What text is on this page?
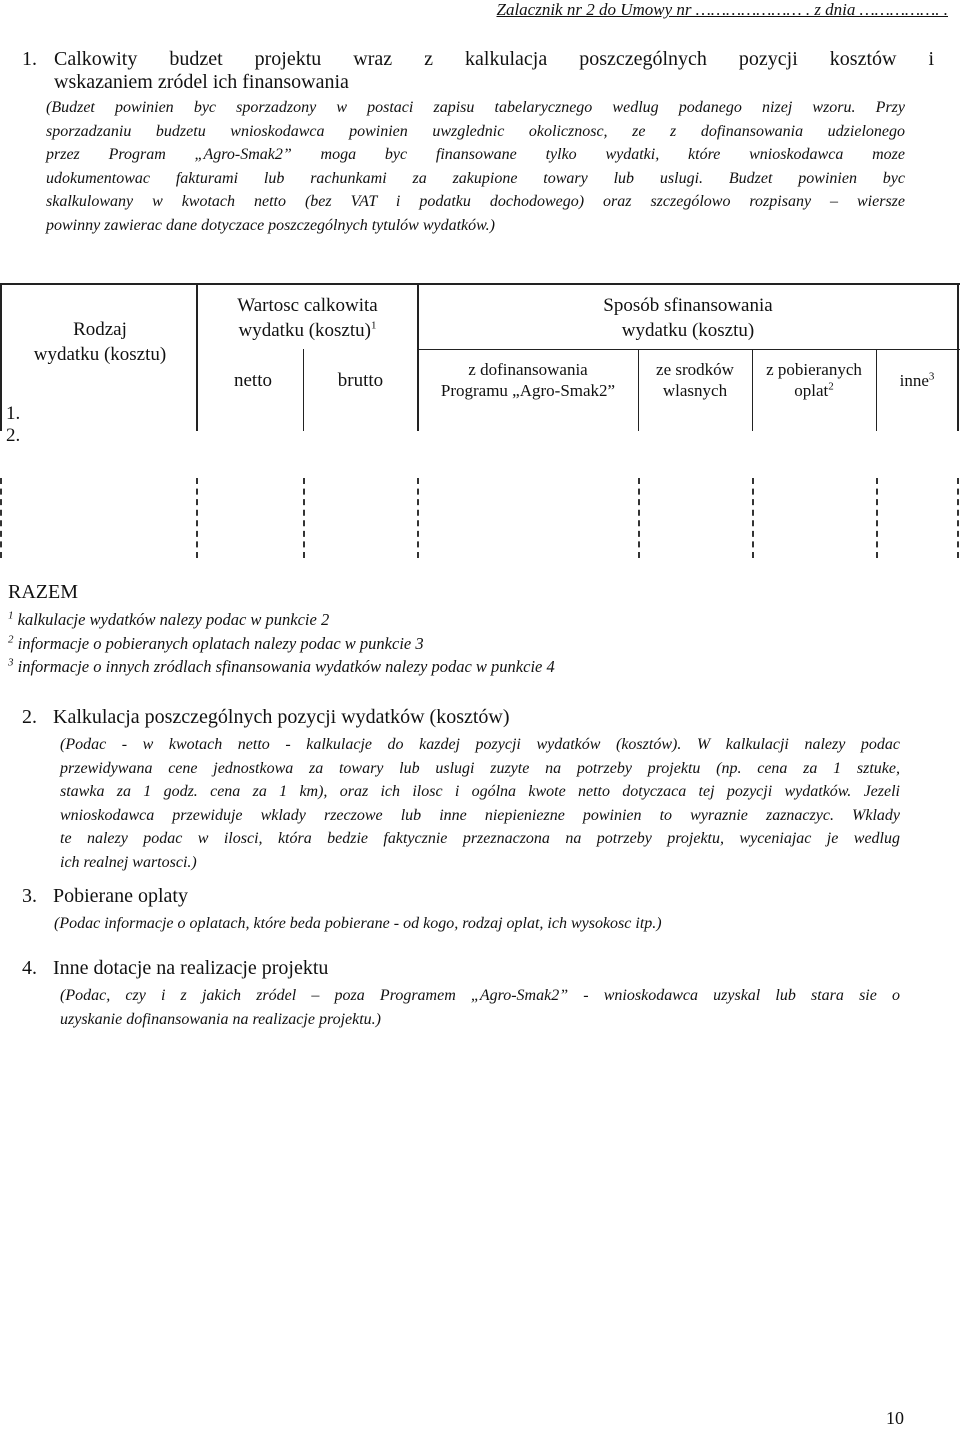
Zalacznik nr 2 do Umowy nr ………………… . z dnia ……………. .
1. Calkowity budzet projektu wraz z kalkulacja poszczególnych pozycji kosztów i
wskazaniem zródel ich finansowania
(Budzet powinien byc sporzadzony w postaci zapisu tabelarycznego wedlug podanego nizej wzoru. Przy
sporzadzaniu budzetu wnioskodawca powinien uwzglednic okolicznosc, ze z dofinansowania udzielonego
przez Program „Agro-Smak2” moga byc finansowane tylko wydatki, które wnioskodawca moze
udokumentowac fakturami lub rachunkami za zakupione towary lub uslugi. Budzet powinien byc
skalkulowany w kwotach netto (bez VAT i podatku dochodowego) oraz szczególowo rozpisany – wiersze
powinny zawierac dane dotyczace poszczególnych tytulów wydatków.)
Rodzaj
wydatku (kosztu)
Wartosc calkowita
wydatku (kosztu)$^1$
netto	brutto
Sposób sfinansowania
wydatku (kosztu)
z dofinansowania
Programu „Agro-Smak2”
ze srodków
wlasnych
z pobieranych
oplat$^2$	inne$^3$
1.
2.
RAZEM
$^1$ kalkulacje wydatków nalezy podac w punkcie 2
$^2$ informacje o pobieranych oplatach nalezy podac w punkcie 3
$^3$ informacje o innych zródlach sfinansowania wydatków nalezy podac w punkcie 4
2. Kalkulacja poszczególnych pozycji wydatków (kosztów)
(Podac - w kwotach netto - kalkulacje do kazdej pozycji wydatków (kosztów). W kalkulacji nalezy podac
przewidywana cene jednostkowa za towary lub uslugi zuzyte na potrzeby projektu (np. cena za 1 sztuke,
stawka za 1 godz. cena za 1 km), oraz ich ilosc i ogólna kwote netto dotyczaca tej pozycji wydatków. Jezeli
wnioskodawca przewiduje wklady rzeczowe lub inne niepieniezne powinien to wyraznie zaznaczyc. Wklady
te nalezy podac w ilosci, która bedzie faktycznie przeznaczona na potrzeby projektu, wyceniajac je wedlug
ich realnej wartosci.)
3. Pobierane oplaty
(Podac informacje o oplatach, które beda pobierane - od kogo, rodzaj oplat, ich wysokosc itp.)
4. Inne dotacje na realizacje projektu
(Podac, czy i z jakich zródel – poza Programem „Agro-Smak2” - wnioskodawca uzyskal lub stara sie o
uzyskanie dofinansowania na realizacje projektu.)
10
